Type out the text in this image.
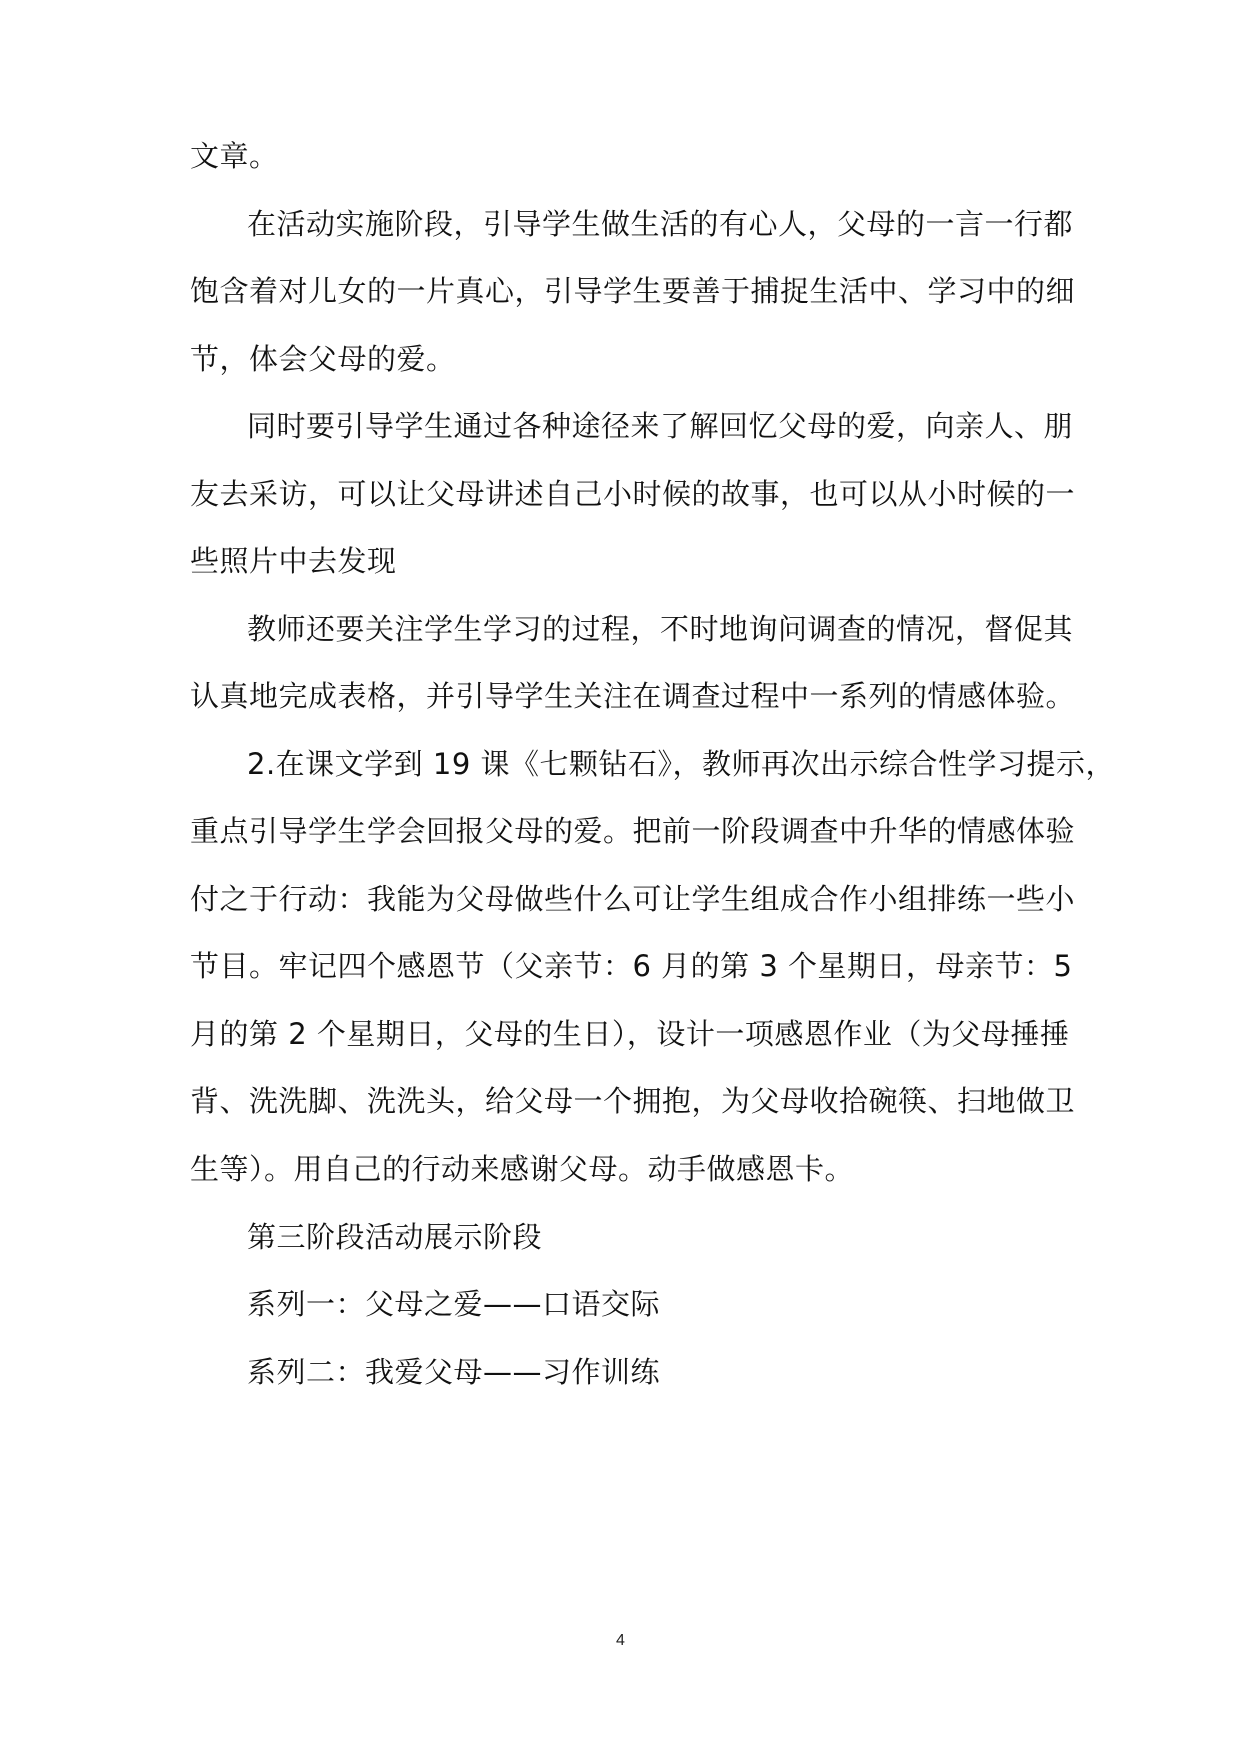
文章。
在活动实施阶段，引导学生做生活的有心人，父母的一言一行都
饱含着对儿女的一片真心，引导学生要善于捕捉生活中、学习中的细
节，体会父母的爱。
同时要引导学生通过各种途径来了解回忆父母的爱，向亲人、朋
友去采访，可以让父母讲述自己小时候的故事，也可以从小时候的一
些照片中去发现
教师还要关注学生学习的过程，不时地询问调查的情况，督促其
认真地完成表格，并引导学生关注在调查过程中一系列的情感体验。
2.在课文学到 19 课《七颗钻石》，教师再次出示综合性学习提示，
重点引导学生学会回报父母的爱。把前一阶段调查中升华的情感体验
付之于行动：我能为父母做些什么可让学生组成合作小组排练一些小
节目。牢记四个感恩节（父亲节：6 月的第 3 个星期日，母亲节：5
月的第 2 个星期日，父母的生日），设计一项感恩作业（为父母捶捶
背、洗洗脚、洗洗头，给父母一个拥抱，为父母收拾碗筷、扫地做卫
生等）。用自己的行动来感谢父母。动手做感恩卡。
第三阶段活动展示阶段
系列一：父母之爱——口语交际
系列二：我爱父母——习作训练
4
